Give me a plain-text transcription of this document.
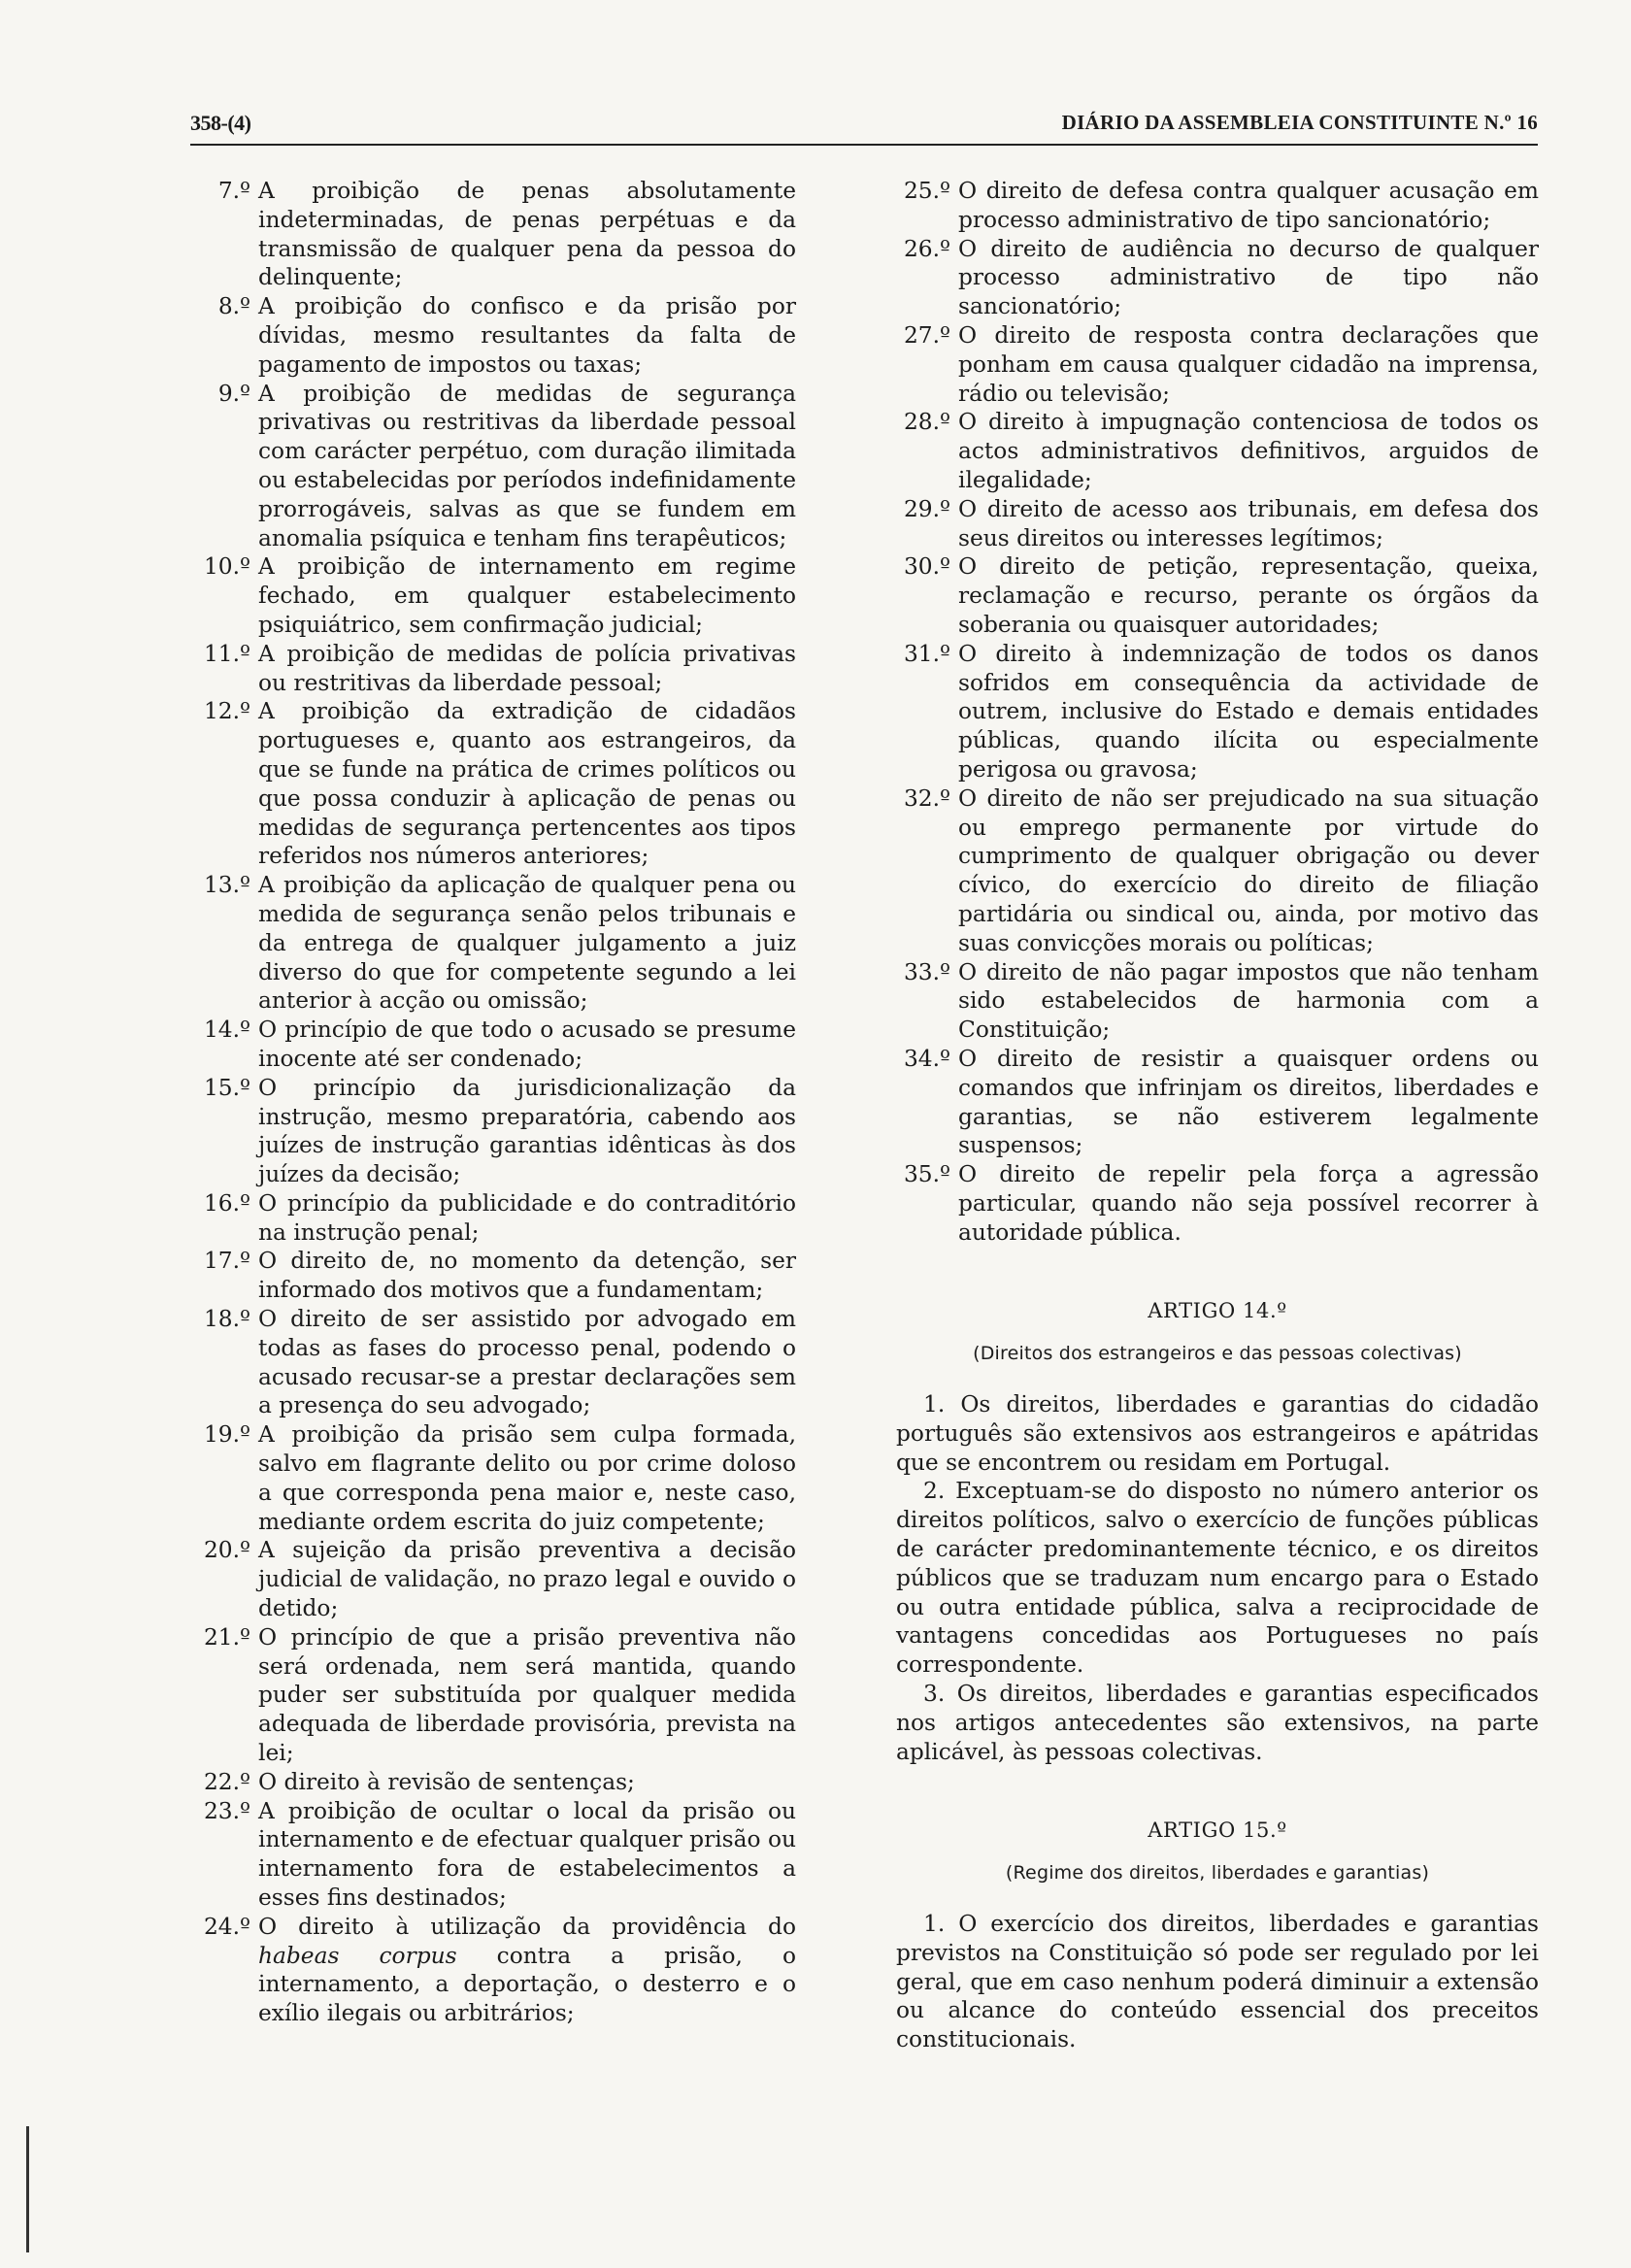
358-(4)	DIÁRIO DA ASSEMBLEIA CONSTITUINTE N.º 16
7.º A proibição de penas absolutamente indeterminadas, de penas perpétuas e da transmissão de qualquer pena da pessoa do delinquente;
8.º A proibição do confisco e da prisão por dívidas, mesmo resultantes da falta de pagamento de impostos ou taxas;
9.º A proibição de medidas de segurança privativas ou restritivas da liberdade pessoal com carácter perpétuo, com duração ilimitada ou estabelecidas por períodos indefinidamente prorrogáveis, salvas as que se fundem em anomalia psíquica e tenham fins terapêuticos;
10.º A proibição de internamento em regime fechado, em qualquer estabelecimento psiquiátrico, sem confirmação judicial;
11.º A proibição de medidas de polícia privativas ou restritivas da liberdade pessoal;
12.º A proibição da extradição de cidadãos portugueses e, quanto aos estrangeiros, da que se funde na prática de crimes políticos ou que possa conduzir à aplicação de penas ou medidas de segurança pertencentes aos tipos referidos nos números anteriores;
13.º A proibição da aplicação de qualquer pena ou medida de segurança senão pelos tribunais e da entrega de qualquer julgamento a juiz diverso do que for competente segundo a lei anterior à acção ou omissão;
14.º O princípio de que todo o acusado se presume inocente até ser condenado;
15.º O princípio da jurisdicionalização da instrução, mesmo preparatória, cabendo aos juízes de instrução garantias idênticas às dos juízes da decisão;
16.º O princípio da publicidade e do contraditório na instrução penal;
17.º O direito de, no momento da detenção, ser informado dos motivos que a fundamentam;
18.º O direito de ser assistido por advogado em todas as fases do processo penal, podendo o acusado recusar-se a prestar declarações sem a presença do seu advogado;
19.º A proibição da prisão sem culpa formada, salvo em flagrante delito ou por crime doloso a que corresponda pena maior e, neste caso, mediante ordem escrita do juiz competente;
20.º A sujeição da prisão preventiva a decisão judicial de validação, no prazo legal e ouvido o detido;
21.º O princípio de que a prisão preventiva não será ordenada, nem será mantida, quando puder ser substituída por qualquer medida adequada de liberdade provisória, prevista na lei;
22.º O direito à revisão de sentenças;
23.º A proibição de ocultar o local da prisão ou internamento e de efectuar qualquer prisão ou internamento fora de estabelecimentos a esses fins destinados;
24.º O direito à utilização da providência do habeas corpus contra a prisão, o internamento, a deportação, o desterro e o exílio ilegais ou arbitrários;
25.º O direito de defesa contra qualquer acusação em processo administrativo de tipo sancionatório;
26.º O direito de audiência no decurso de qualquer processo administrativo de tipo não sancionatório;
27.º O direito de resposta contra declarações que ponham em causa qualquer cidadão na imprensa, rádio ou televisão;
28.º O direito à impugnação contenciosa de todos os actos administrativos definitivos, arguidos de ilegalidade;
29.º O direito de acesso aos tribunais, em defesa dos seus direitos ou interesses legítimos;
30.º O direito de petição, representação, queixa, reclamação e recurso, perante os órgãos da soberania ou quaisquer autoridades;
31.º O direito à indemnização de todos os danos sofridos em consequência da actividade de outrem, inclusive do Estado e demais entidades públicas, quando ilícita ou especialmente perigosa ou gravosa;
32.º O direito de não ser prejudicado na sua situação ou emprego permanente por virtude do cumprimento de qualquer obrigação ou dever cívico, do exercício do direito de filiação partidária ou sindical ou, ainda, por motivo das suas convicções morais ou políticas;
33.º O direito de não pagar impostos que não tenham sido estabelecidos de harmonia com a Constituição;
34.º O direito de resistir a quaisquer ordens ou comandos que infrinjam os direitos, liberdades e garantias, se não estiverem legalmente suspensos;
35.º O direito de repelir pela força a agressão particular, quando não seja possível recorrer à autoridade pública.
ARTIGO 14.º
(Direitos dos estrangeiros e das pessoas colectivas)
1. Os direitos, liberdades e garantias do cidadão português são extensivos aos estrangeiros e apátridas que se encontrem ou residam em Portugal.
2. Exceptuam-se do disposto no número anterior os direitos políticos, salvo o exercício de funções públicas de carácter predominantemente técnico, e os direitos públicos que se traduzam num encargo para o Estado ou outra entidade pública, salva a reciprocidade de vantagens concedidas aos Portugueses no país correspondente.
3. Os direitos, liberdades e garantias especificados nos artigos antecedentes são extensivos, na parte aplicável, às pessoas colectivas.
ARTIGO 15.º
(Regime dos direitos, liberdades e garantias)
1. O exercício dos direitos, liberdades e garantias previstos na Constituição só pode ser regulado por lei geral, que em caso nenhum poderá diminuir a extensão ou alcance do conteúdo essencial dos preceitos constitucionais.
